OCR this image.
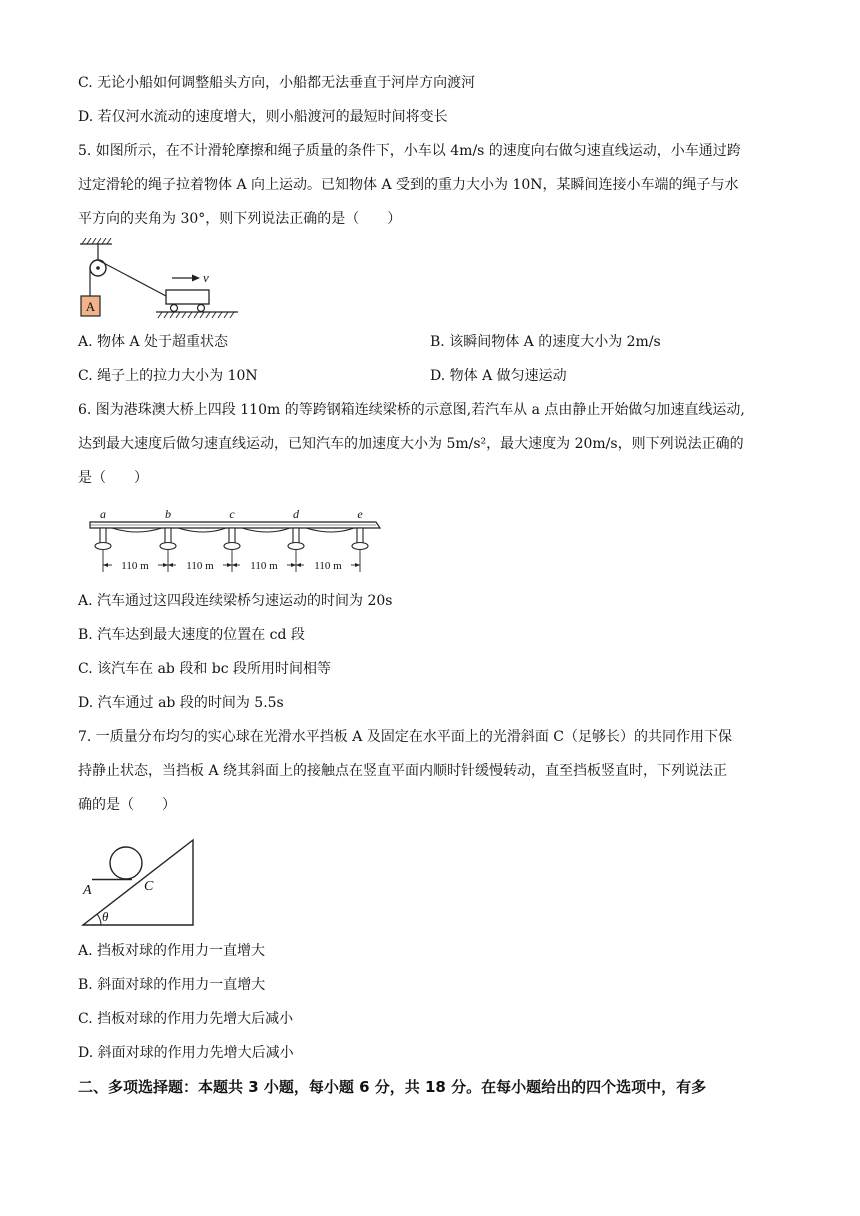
C. 无论小船如何调整船头方向，小船都无法垂直于河岸方向渡河
D. 若仅河水流动的速度增大，则小船渡河的最短时间将变长
5. 如图所示，在不计滑轮摩擦和绳子质量的条件下，小车以 4m/s 的速度向右做匀速直线运动，小车通过跨
过定滑轮的绳子拉着物体 A 向上运动。已知物体 A 受到的重力大小为 10N，某瞬间连接小车端的绳子与水
平方向的夹角为 30°，则下列说法正确的是（　　）
A
v
A. 物体 A 处于超重状态	B. 该瞬间物体 A 的速度大小为 2m/s
C. 绳子上的拉力大小为 10N	D. 物体 A 做匀速运动
6. 图为港珠澳大桥上四段 110m 的等跨钢箱连续梁桥的示意图,若汽车从 a 点由静止开始做匀加速直线运动,
达到最大速度后做匀速直线运动，已知汽车的加速度大小为 5m/s²，最大速度为 20m/s，则下列说法正确的
是（　　）
a	b	c	d	e
110 m	110 m	110 m	110 m
A. 汽车通过这四段连续梁桥匀速运动的时间为 20s
B. 汽车达到最大速度的位置在 cd 段
C. 该汽车在 ab 段和 bc 段所用时间相等
D. 汽车通过 ab 段的时间为 5.5s
7. 一质量分布均匀的实心球在光滑水平挡板 A 及固定在水平面上的光滑斜面 C（足够长）的共同作用下保
持静止状态，当挡板 A 绕其斜面上的接触点在竖直平面内顺时针缓慢转动，直至挡板竖直时，下列说法正
确的是（　　）
θ
A	C
A. 挡板对球的作用力一直增大
B. 斜面对球的作用力一直增大
C. 挡板对球的作用力先增大后减小
D. 斜面对球的作用力先增大后减小
二、多项选择题：本题共 3 小题，每小题 6 分，共 18 分。在每小题给出的四个选项中，有多
